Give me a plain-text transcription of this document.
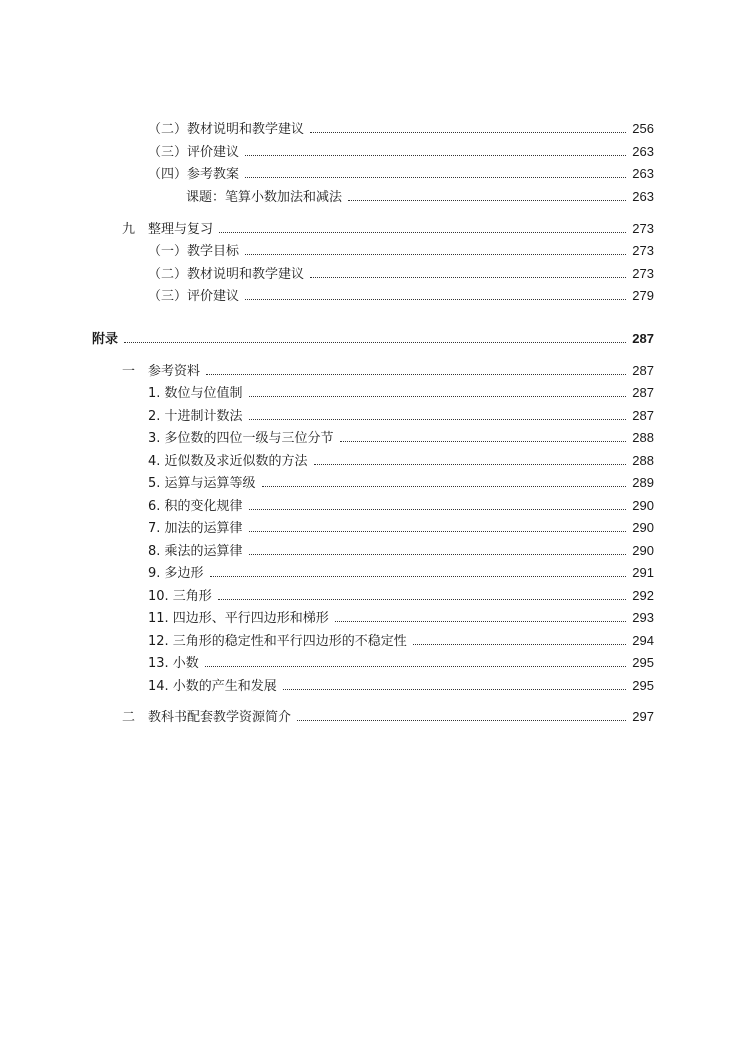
（二）教材说明和教学建议	256
（三）评价建议	263
（四）参考教案	263
课题：笔算小数加法和减法	263
九　整理与复习	273
（一）教学目标	273
（二）教材说明和教学建议	273
（三）评价建议	279
附录	287
一　参考资料	287
1. 数位与位值制	287
2. 十进制计数法	287
3. 多位数的四位一级与三位分节	288
4. 近似数及求近似数的方法	288
5. 运算与运算等级	289
6. 积的变化规律	290
7. 加法的运算律	290
8. 乘法的运算律	290
9. 多边形	291
10. 三角形	292
11. 四边形、平行四边形和梯形	293
12. 三角形的稳定性和平行四边形的不稳定性	294
13. 小数	295
14. 小数的产生和发展	295
二　教科书配套教学资源简介	297
